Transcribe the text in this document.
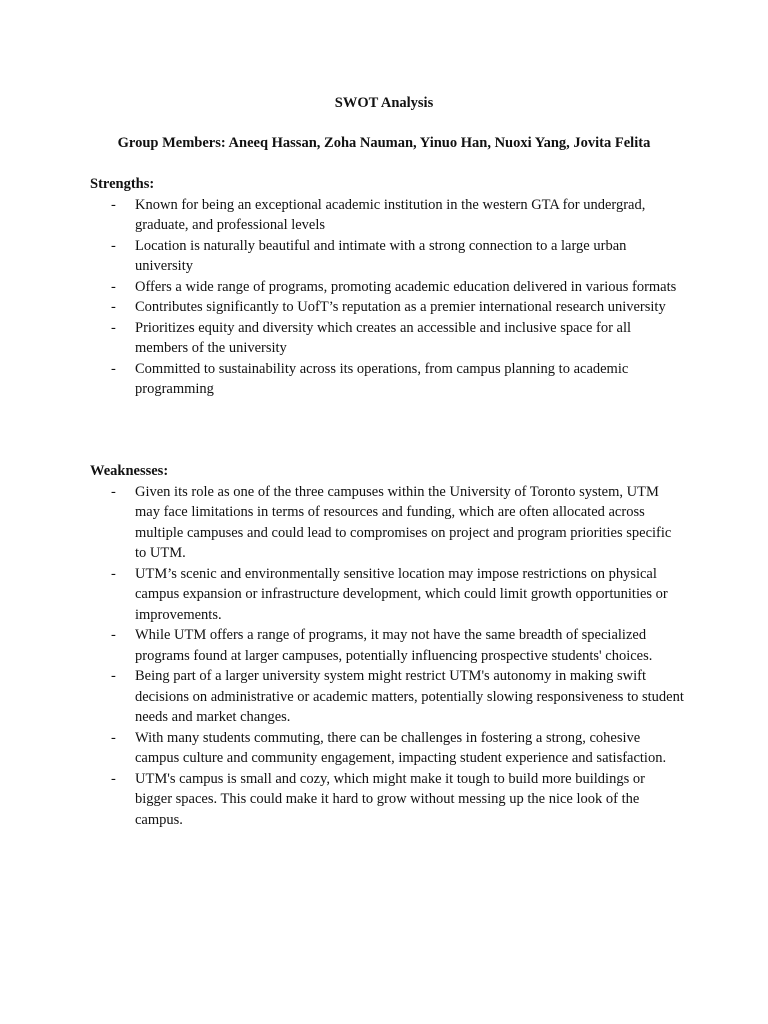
SWOT Analysis

Group Members: Aneeq Hassan, Zoha Nauman, Yinuo Han, Nuoxi Yang, Jovita Felita

Strengths:

- Known for being an exceptional academic institution in the western GTA for undergrad, graduate, and professional levels
- Location is naturally beautiful and intimate with a strong connection to a large urban university
- Offers a wide range of programs, promoting academic education delivered in various formats
- Contributes significantly to UofT’s reputation as a premier international research university
- Prioritizes equity and diversity which creates an accessible and inclusive space for all members of the university
- Committed to sustainability across its operations, from campus planning to academic programming

Weaknesses:

- Given its role as one of the three campuses within the University of Toronto system, UTM may face limitations in terms of resources and funding, which are often allocated across multiple campuses and could lead to compromises on project and program priorities specific to UTM.
- UTM’s scenic and environmentally sensitive location may impose restrictions on physical campus expansion or infrastructure development, which could limit growth opportunities or improvements.
- While UTM offers a range of programs, it may not have the same breadth of specialized programs found at larger campuses, potentially influencing prospective students' choices.
- Being part of a larger university system might restrict UTM's autonomy in making swift decisions on administrative or academic matters, potentially slowing responsiveness to student needs and market changes.
- With many students commuting, there can be challenges in fostering a strong, cohesive campus culture and community engagement, impacting student experience and satisfaction.
- UTM's campus is small and cozy, which might make it tough to build more buildings or bigger spaces. This could make it hard to grow without messing up the nice look of the campus.
